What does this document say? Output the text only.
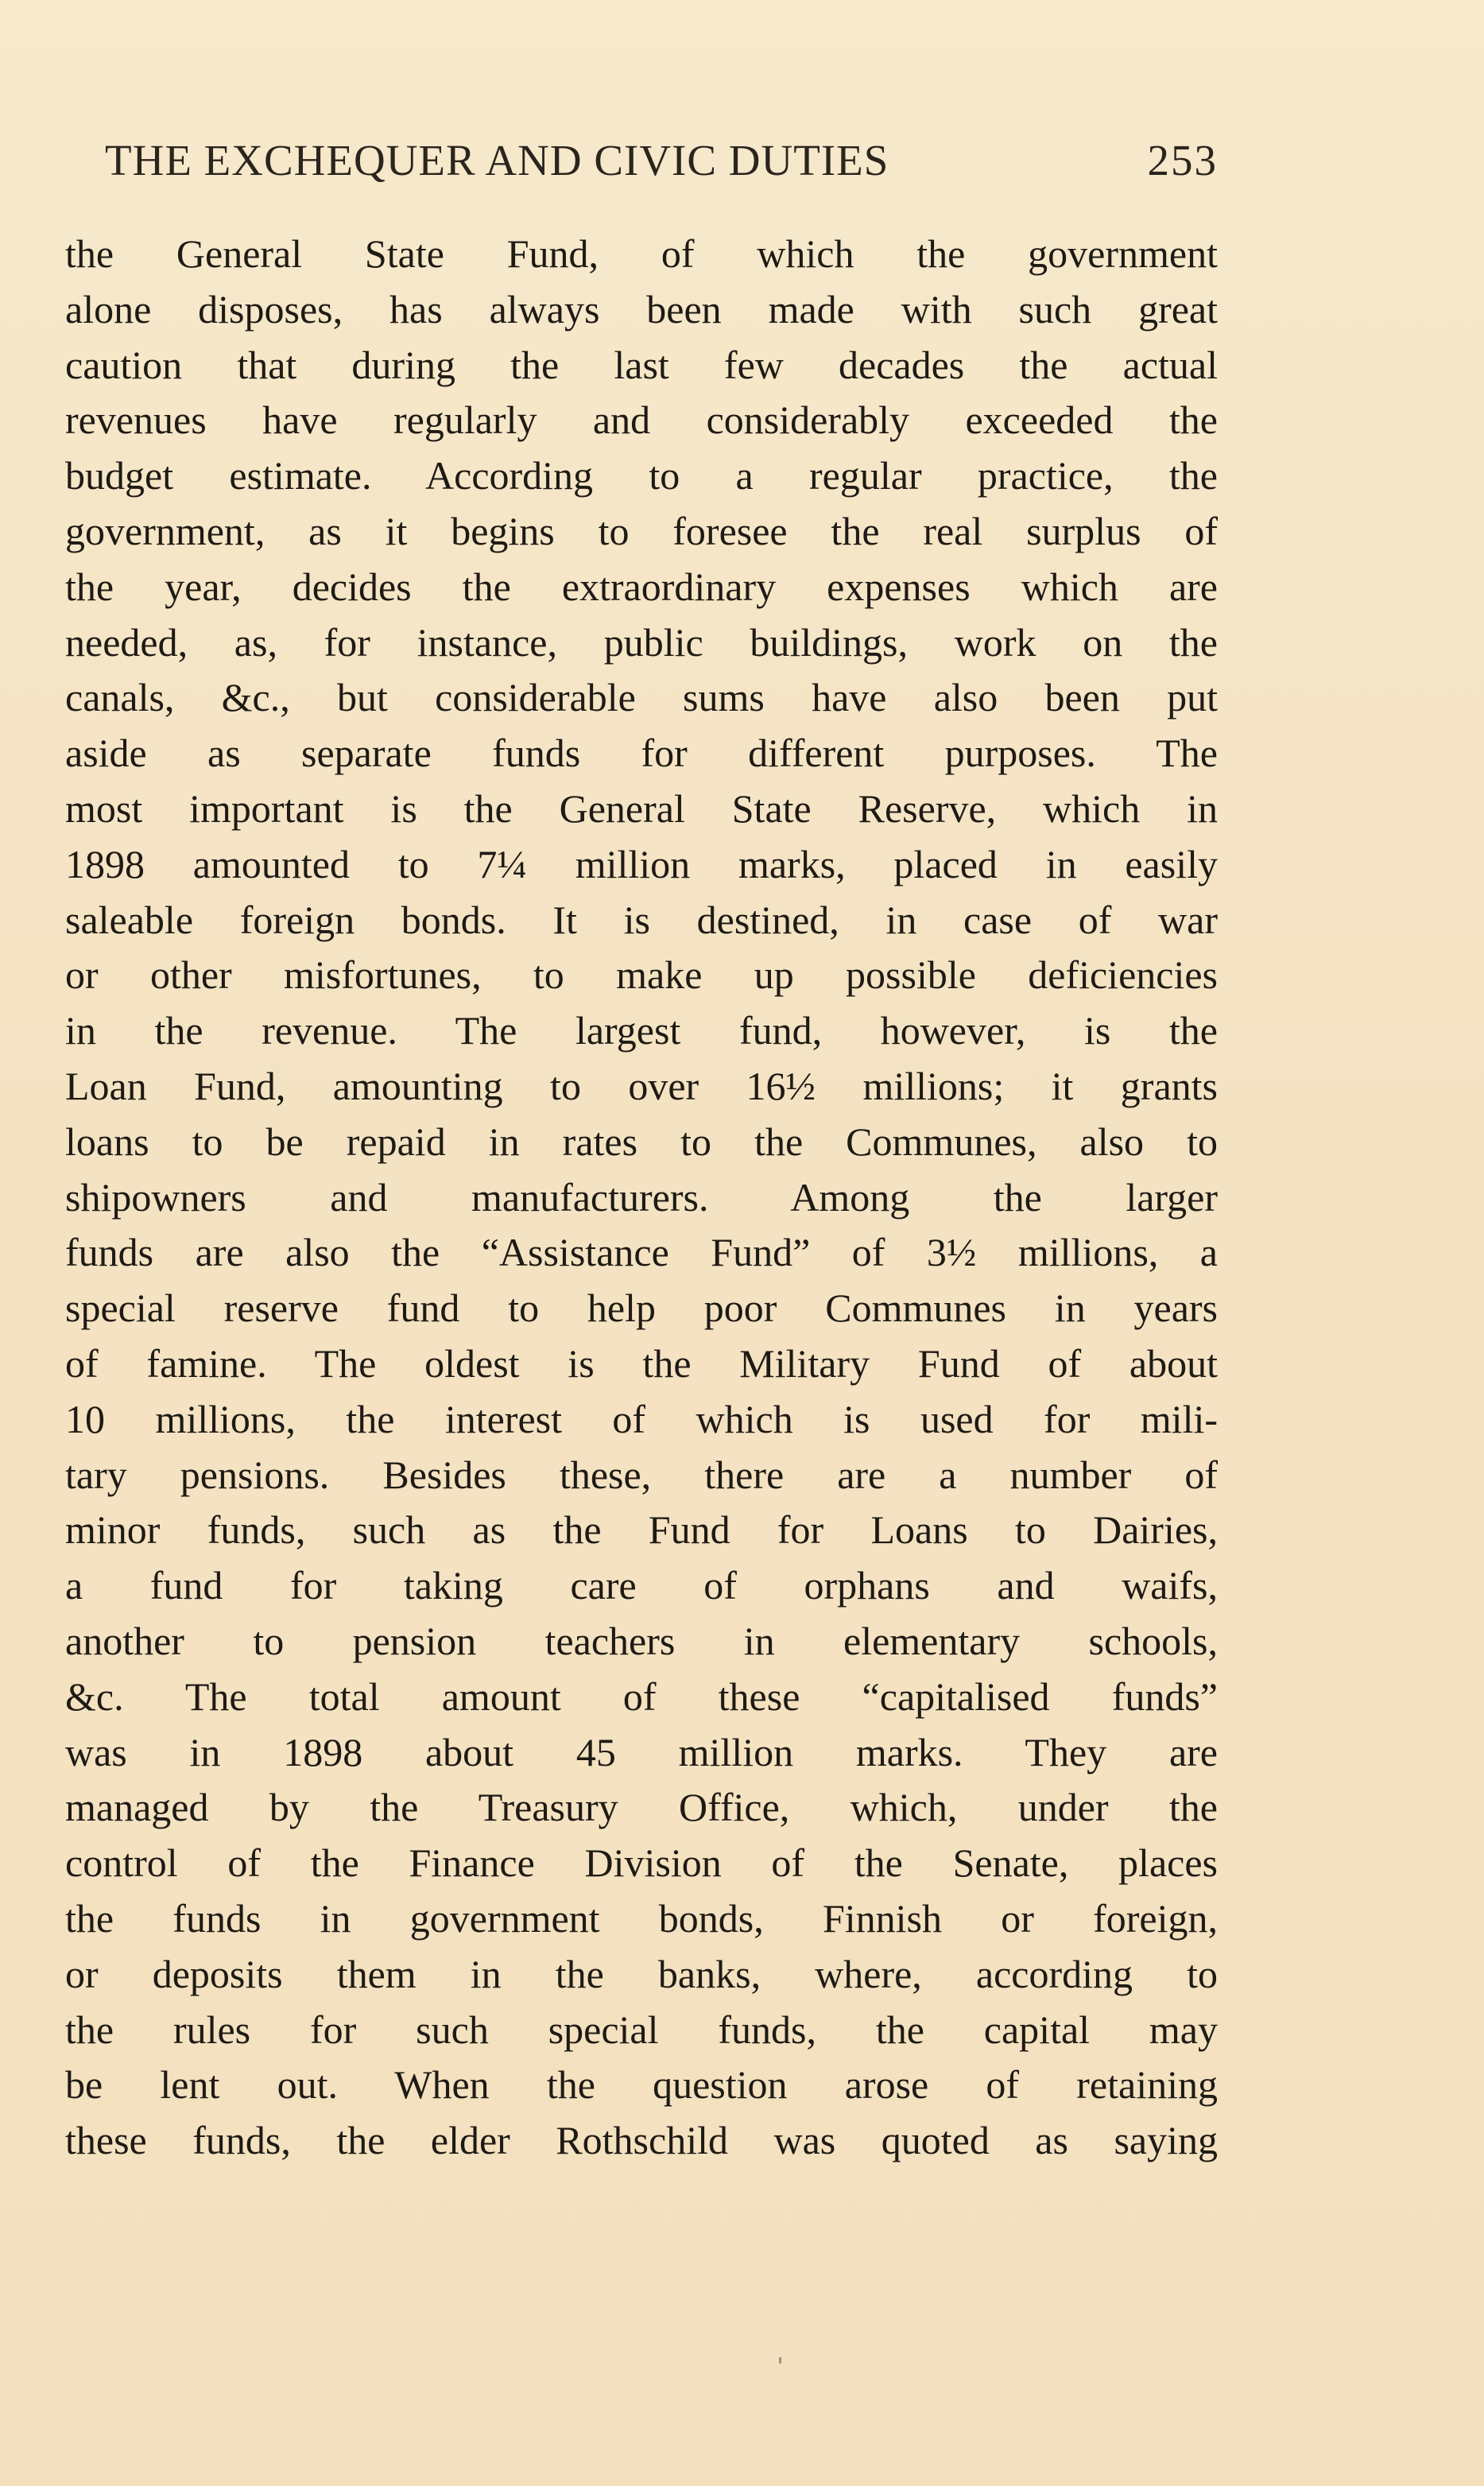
THE EXCHEQUER AND CIVIC DUTIES	253
the General State Fund, of which the government
alone disposes, has always been made with such great
caution that during the last few decades the actual
revenues have regularly and considerably exceeded the
budget estimate. According to a regular practice, the
government, as it begins to foresee the real surplus of
the year, decides the extraordinary expenses which are
needed, as, for instance, public buildings, work on the
canals, &c., but considerable sums have also been put
aside as separate funds for different purposes. The
most important is the General State Reserve, which in
1898 amounted to 7¼ million marks, placed in easily
saleable foreign bonds. It is destined, in case of war
or other misfortunes, to make up possible deficiencies
in the revenue. The largest fund, however, is the
Loan Fund, amounting to over 16½ millions; it grants
loans to be repaid in rates to the Communes, also to
shipowners and manufacturers. Among the larger
funds are also the “Assistance Fund” of 3½ millions, a
special reserve fund to help poor Communes in years
of famine. The oldest is the Military Fund of about
10 millions, the interest of which is used for mili-
tary pensions. Besides these, there are a number of
minor funds, such as the Fund for Loans to Dairies,
a fund for taking care of orphans and waifs,
another to pension teachers in elementary schools,
&c. The total amount of these “capitalised funds”
was in 1898 about 45 million marks. They are
managed by the Treasury Office, which, under the
control of the Finance Division of the Senate, places
the funds in government bonds, Finnish or foreign,
or deposits them in the banks, where, according to
the rules for such special funds, the capital may
be lent out. When the question arose of retaining
these funds, the elder Rothschild was quoted as saying
